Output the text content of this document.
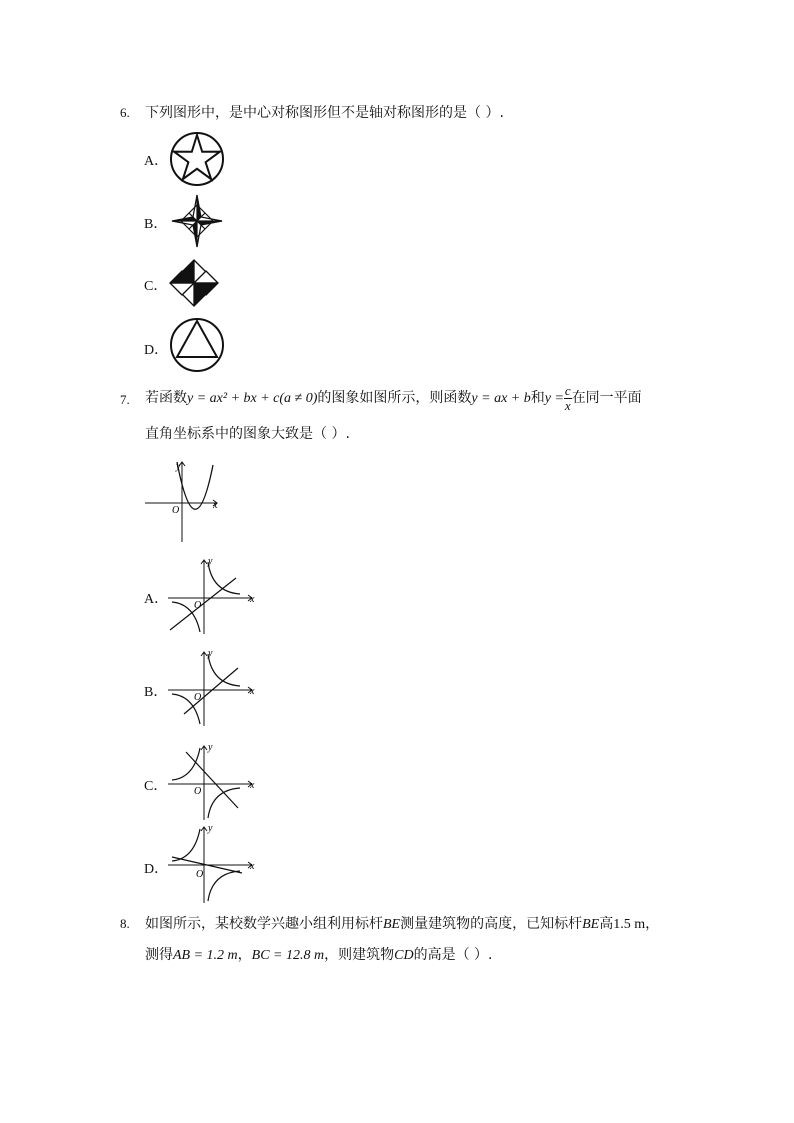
6. 下列图形中，是中心对称图形但不是轴对称图形的是（ ）.
A．
B．
C．
D．
7. 若函数y = ax² + bx + c(a ≠ 0)的图象如图所示，则函数y = ax + b和$y = \frac{c}{x}$ 在同一平面
直角坐标系中的图象大致是（ ）.
x
y
O
A．	x
y
O
B．	x
y
O
C．	x
y
O
D．	x
y
O
8. 如图所示，某校数学兴趣小组利用标杆BE测量建筑物的高度，已知标杆BE高1.5 m，
测得AB = 1.2 m，BC = 12.8 m，则建筑物CD的高是（ ）.
